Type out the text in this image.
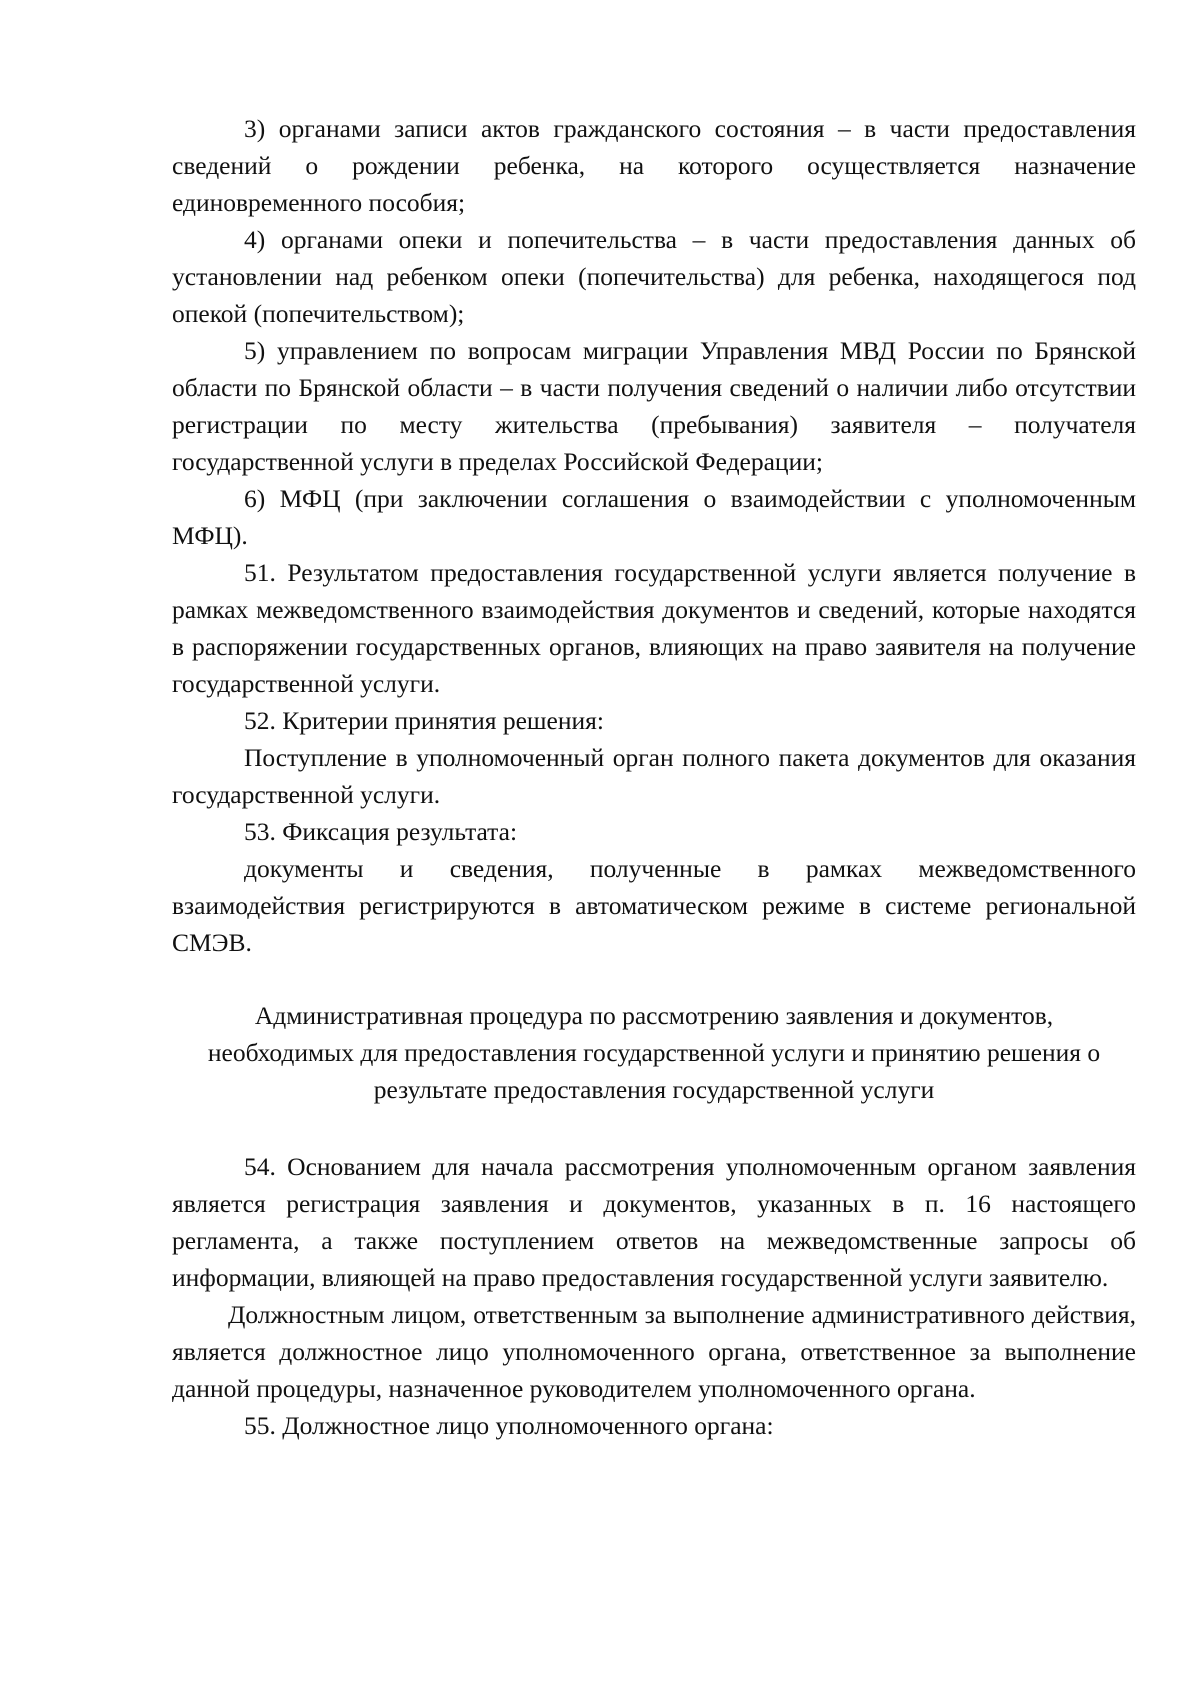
3) органами записи актов гражданского состояния – в части предоставления сведений о рождении ребенка, на которого осуществляется назначение единовременного пособия;

4) органами опеки и попечительства – в части предоставления данных об установлении над ребенком опеки (попечительства) для ребенка, находящегося под опекой (попечительством);

5) управлением по вопросам миграции Управления МВД России по Брянской области по Брянской области – в части получения сведений о наличии либо отсутствии регистрации по месту жительства (пребывания) заявителя – получателя государственной услуги в пределах Российской Федерации;

6) МФЦ (при заключении соглашения о взаимодействии с уполномоченным МФЦ).

51. Результатом предоставления государственной услуги является получение в рамках межведомственного взаимодействия документов и сведений, которые находятся в распоряжении государственных органов, влияющих на право заявителя на получение государственной услуги.

52. Критерии принятия решения:

Поступление в уполномоченный орган полного пакета документов для оказания государственной услуги.

53. Фиксация результата:

документы и сведения, полученные в рамках межведомственного взаимодействия регистрируются в автоматическом режиме в системе региональной СМЭВ.

Административная процедура по рассмотрению заявления и документов, необходимых для предоставления государственной услуги и принятию решения о результате предоставления государственной услуги

54. Основанием для начала рассмотрения уполномоченным органом заявления является регистрация заявления и документов, указанных в п. 16 настоящего регламента, а также поступлением ответов на межведомственные запросы об информации, влияющей на право предоставления государственной услуги заявителю.

Должностным лицом, ответственным за выполнение административного действия, является должностное лицо уполномоченного органа, ответственное за выполнение данной процедуры, назначенное руководителем уполномоченного органа.

55. Должностное лицо уполномоченного органа:
